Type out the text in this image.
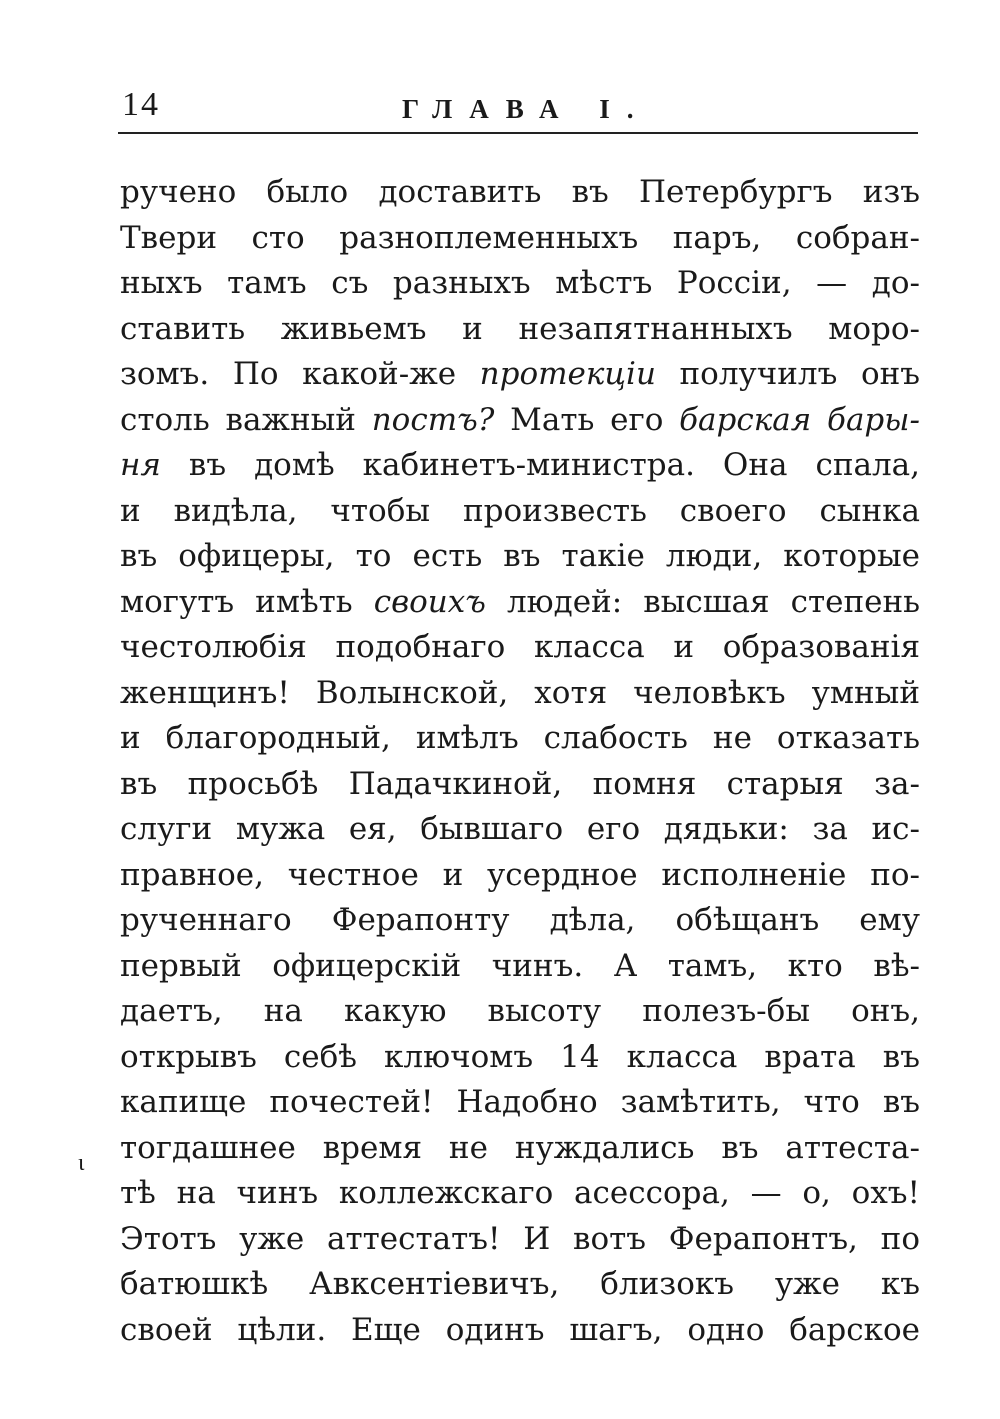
14	ГЛАВА I.
ручено было доставить въ Петербургъ изъ
Твери сто разноплеменныхъ паръ, собран-
ныхъ тамъ съ разныхъ мѣстъ Россіи, — до-
ставить живьемъ и незапятнанныхъ моро-
зомъ. По какой-же протекціи получилъ онъ
столь важный постъ? Мать его барская бары-
ня въ домѣ кабинетъ-министра. Она спала,
и видѣла, чтобы произвесть своего сынка
въ офицеры, то есть въ такіе люди, которые
могутъ имѣть своихъ людей: высшая степень
честолюбія подобнаго класса и образованія
женщинъ! Волынской, хотя человѣкъ умный
и благородный, имѣлъ слабость не отказать
въ просьбѣ Падачкиной, помня старыя за-
слуги мужа ея, бывшаго его дядьки: за ис-
правное, честное и усердное исполненіе по-
рученнаго Ферапонту дѣла, обѣщанъ ему
первый офицерскій чинъ. А тамъ, кто вѣ-
даетъ, на какую высоту полезъ-бы онъ,
открывъ себѣ ключомъ 14 класса врата въ
капище почестей! Надобно замѣтить, что въ
тогдашнее время не нуждались въ аттеста-
тѣ на чинъ коллежскаго асессора, — о, охъ!
Этотъ уже аттестатъ! И вотъ Ферапонтъ, по
батюшкѣ Авксентіевичъ, близокъ уже къ
своей цѣли. Еще одинъ шагъ, одно барское
ι
